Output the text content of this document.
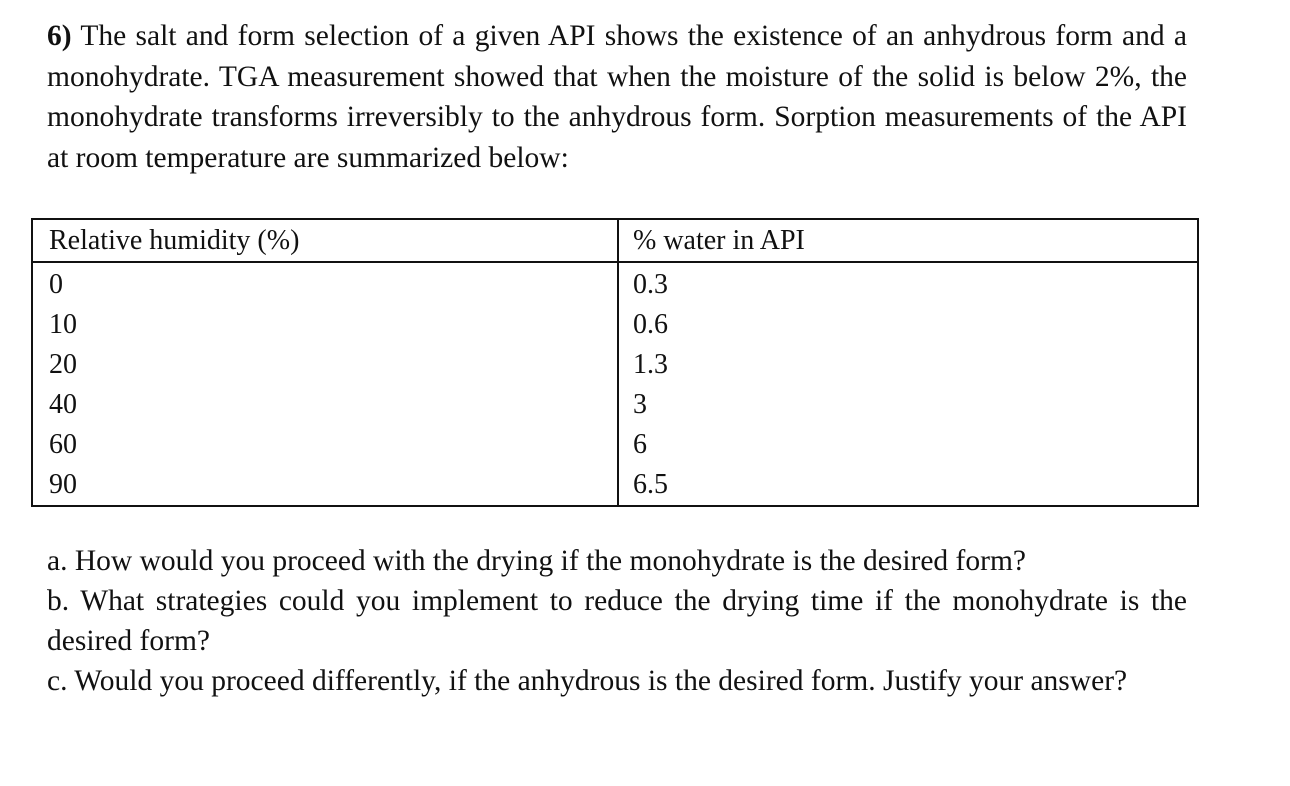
6) The salt and form selection of a given API shows the existence of an anhydrous form and a monohydrate. TGA measurement showed that when the moisture of the solid is below 2%, the monohydrate transforms irreversibly to the anhydrous form. Sorption measurements of the API at room temperature are summarized below:
Relative humidity (%)	% water in API
0	0.3
10	0.6
20	1.3
40	3
60	6
90	6.5

a. How would you proceed with the drying if the monohydrate is the desired form?

b. What strategies could you implement to reduce the drying time if the monohydrate is the desired form?

c. Would you proceed differently, if the anhydrous is the desired form. Justify your answer?
